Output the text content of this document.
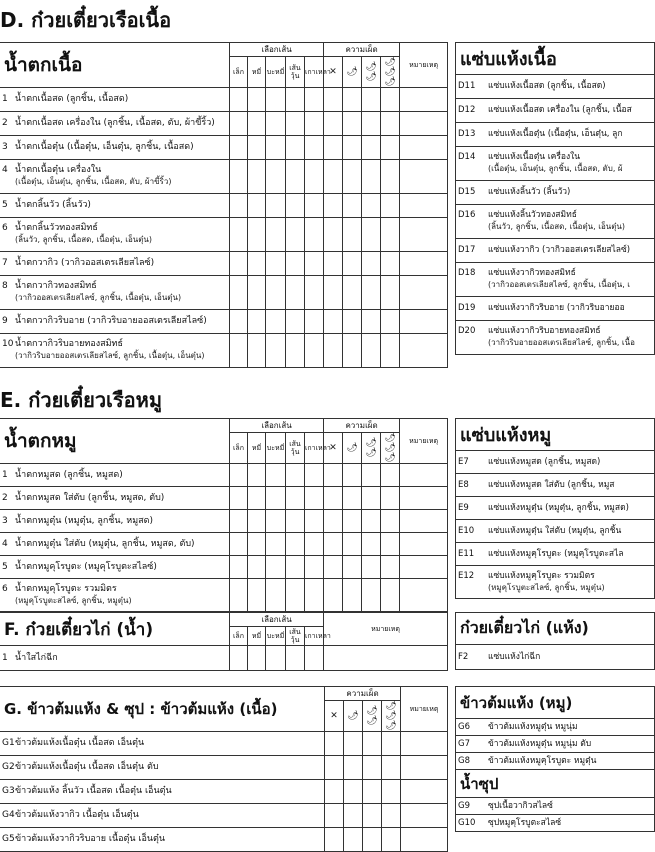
D. ก๋วยเตี๋ยวเรือเนื้อ
น้ำตกเนื้อ	เลือกเส้น					ความเผ็ด				หมายเหตุ
	เล็ก	หมี่	บะหมี่	เส้นวุ้น	เกาเหลา	✕	🌶	🌶🌶	🌶🌶🌶	
1 น้ำตกเนื้อสด (ลูกชิ้น, เนื้อสด)										
2 น้ำตกเนื้อสด เครื่องใน (ลูกชิ้น, เนื้อสด, ตับ, ผ้าขี้ริ้ว)										
3 น้ำตกเนื้อตุ๋น (เนื้อตุ๋น, เอ็นตุ๋น, ลูกชิ้น, เนื้อสด)										
4 น้ำตกเนื้อตุ๋น เครื่องใน
(เนื้อตุ๋น, เอ็นตุ๋น, ลูกชิ้น, เนื้อสด, ตับ, ผ้าขี้ริ้ว)										
5 น้ำตกลิ้นวัว (ลิ้นวัว)										
6 น้ำตกลิ้นวัวทองสมิทธ์
(ลิ้นวัว, ลูกชิ้น, เนื้อสด, เนื้อตุ๋น, เอ็นตุ๋น)										
7 น้ำตกวากิว (วากิวออสเตรเลียสไลซ์)										
8 น้ำตกวากิวทองสมิทธ์
(วากิวออสเตรเลียสไลซ์, ลูกชิ้น, เนื้อตุ๋น, เอ็นตุ๋น)										
9 น้ำตกวากิวริบอาย (วากิวริบอายออสเตรเลียสไลซ์)										
10 น้ำตกวากิวริบอายทองสมิทธ์
(วากิวริบอายออสเตรเลียสไลซ์, ลูกชิ้น, เนื้อตุ๋น, เอ็นตุ๋น)										
แซ่บแห้งเนื้อ
D11 แซ่บแห้งเนื้อสด (ลูกชิ้น, เนื้อสด)
D12 แซ่บแห้งเนื้อสด เครื่องใน (ลูกชิ้น, เนื้อส
D13 แซ่บแห้งเนื้อตุ๋น (เนื้อตุ๋น, เอ็นตุ๋น, ลูก
D14 แซ่บแห้งเนื้อตุ๋น เครื่องใน
(เนื้อตุ๋น, เอ็นตุ๋น, ลูกชิ้น, เนื้อสด, ตับ, ผ้
D15 แซ่บแห้งลิ้นวัว (ลิ้นวัว)
D16 แซ่บแห้งลิ้นวัวทองสมิทธ์
(ลิ้นวัว, ลูกชิ้น, เนื้อสด, เนื้อตุ๋น, เอ็นตุ๋น)
D17 แซ่บแห้งวากิว (วากิวออสเตรเลียสไลซ์)
D18 แซ่บแห้งวากิวทองสมิทธ์
(วากิวออสเตรเลียสไลซ์, ลูกชิ้น, เนื้อตุ๋น, เ
D19 แซ่บแห้งวากิวริบอาย (วากิวริบอายออ
D20 แซ่บแห้งวากิวริบอายทองสมิทธ์
(วากิวริบอายออสเตรเลียสไลซ์, ลูกชิ้น, เนื้อ
E. ก๋วยเตี๋ยวเรือหมู
น้ำตกหมู	เลือกเส้น					ความเผ็ด				หมายเหตุ
	เล็ก	หมี่	บะหมี่	เส้นวุ้น	เกาเหลา	✕	🌶	🌶🌶	🌶🌶🌶	
1 น้ำตกหมูสด (ลูกชิ้น, หมูสด)										
2 น้ำตกหมูสด ใส่ตับ (ลูกชิ้น, หมูสด, ตับ)										
3 น้ำตกหมูตุ๋น (หมูตุ๋น, ลูกชิ้น, หมูสด)										
4 น้ำตกหมูตุ๋น ใส่ตับ (หมูตุ๋น, ลูกชิ้น, หมูสด, ตับ)										
5 น้ำตกหมูคุโรบูตะ (หมูคุโรบูตะสไลซ์)										
6 น้ำตกหมูคุโรบูตะ รวมมิตร
(หมูคุโรบูตะสไลซ์, ลูกชิ้น, หมูตุ๋น)										
แซ่บแห้งหมู
E7 แซ่บแห้งหมูสด (ลูกชิ้น, หมูสด)
E8 แซ่บแห้งหมูสด ใส่ตับ (ลูกชิ้น, หมูส
E9 แซ่บแห้งหมูตุ๋น (หมูตุ๋น, ลูกชิ้น, หมูสด)
E10 แซ่บแห้งหมูตุ๋น ใส่ตับ (หมูตุ๋น, ลูกชิ้น
E11 แซ่บแห้งหมูคุโรบูตะ (หมูคุโรบูตะสไล
E12 แซ่บแห้งหมูคุโรบูตะ รวมมิตร
(หมูคุโรบูตะสไลซ์, ลูกชิ้น, หมูตุ๋น)
F. ก๋วยเตี๋ยวไก่ (น้ำ)	เลือกเส้น					หมายเหตุ
	เล็ก	หมี่	บะหมี่	เส้นวุ้น	เกาเหลา	
1 น้ำใสไก่ฉีก						
ก๋วยเตี๋ยวไก่ (แห้ง)
F2 แซ่บแห้งไก่ฉีก
G. ข้าวต้มแห้ง & ซุป : ข้าวต้มแห้ง (เนื้อ)	ความเผ็ด				หมายเหตุ
	✕	🌶	🌶🌶	🌶🌶🌶	
G1ข้าวต้มแห้งเนื้อตุ๋น เนื้อสด เอ็นตุ๋น					
G2ข้าวต้มแห้งเนื้อตุ๋น เนื้อสด เอ็นตุ๋น ตับ					
G3ข้าวต้มแห้ง ลิ้นวัว เนื้อสด เนื้อตุ๋น เอ็นตุ๋น					
G4ข้าวต้มแห้งวากิว เนื้อตุ๋น เอ็นตุ๋น					
G5ข้าวต้มแห้งวากิวริบอาย เนื้อตุ๋น เอ็นตุ๋น					
ข้าวต้มแห้ง (หมู)
G6 ข้าวต้มแห้งหมูตุ๋น หมูนุ่ม
G7 ข้าวต้มแห้งหมูตุ๋น หมูนุ่ม ตับ
G8 ข้าวต้มแห้งหมูคุโรบูตะ หมูตุ๋น
น้ำซุป
G9 ซุปเนื้อวากิวสไลซ์
G10 ซุปหมูคุโรบูตะสไลซ์
